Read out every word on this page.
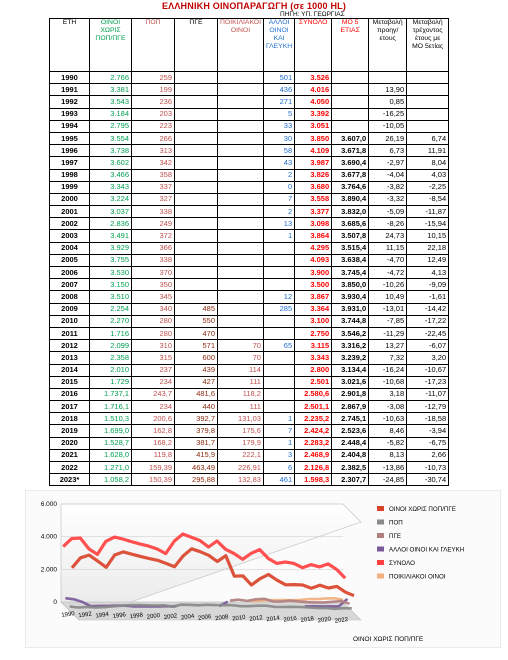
ΕΛΛΗΝΙΚΗ ΟΙΝΟΠΑΡΑΓΩΓΗ (σε 1000 HL)
ΠΗΓΗ: ΥΠ. ΓΕΩΡΓΙΑΣ
ΕΤΗ	ΟΙΝΟΙ ΧΩΡΙΣ ΠΟΠ/ΠΓΕ	ΠΟΠ	ΠΓΕ	ΠΟΙΚΙΛΙΑΚΟΙ ΟΙΝΟΙ	ΑΛΛΟΙ ΟΙΝΟΙ ΚΑΙ ΓΛΕΥΚΗ	ΣΥΝΟΛΟ	ΜΟ 5 ΕΤΙΑΣ	Μεταβολή προηγ/ετους	Μεταβολή τρέχοντος έτους με ΜΟ 5ετίας
1990	2.766	259			501	3.526			
1991	3.381	199			436	4.016		13,90	
1992	3.543	236			271	4.050		0,85	
1993	3.184	203			5	3.392		-16,25	
1994	2.795	223			33	3.051		-10,05	
1995	3.554	266			30	3.850	3.607,0	26,19	6,74
1996	3.738	313			58	4.109	3.671,8	6,73	11,91
1997	3.602	342			43	3.987	3.690,4	-2,97	8,04
1998	3.466	358			2	3.826	3.677,8	-4,04	4,03
1999	3.343	337			0	3.680	3.764,6	-3,82	-2,25
2000	3.224	327			7	3.558	3.890,4	-3,32	-8,54
2001	3.037	338			2	3.377	3.832,0	-5,09	-11,87
2002	2.836	249			13	3.098	3.685,6	-8,26	-15,94
2003	3.491	372			1	3.864	3.507,8	24,73	10,15
2004	3.929	366				4.295	3.515,4	11,15	22,18
2005	3.755	338				4.093	3.638,4	-4,70	12,49
2006	3.530	370				3.900	3.745,4	-4,72	4,13
2007	3.150	350				3.500	3.850,0	-10,26	-9,09
2008	3.510	345			12	3.867	3.930,4	10,49	-1,61
2009	2.254	340	485		285	3.364	3.931,0	-13,01	-14,42
2010	2.270	280	550			3.100	3.744,8	-7,85	-17,22
2011	1.716	280	470			2.750	3.546,2	-11,29	-22,45
2012	2.099	310	571	70	65	3.115	3.316,2	13,27	-6,07
2013	2.358	315	600	70		3.343	3.239,2	7,32	3,20
2014	2.010	237	439	114		2.800	3.134,4	-16,24	-10,67
2015	1.729	234	427	111		2.501	3.021,6	-10,68	-17,23
2016	1.737,1	243,7	481,6	118,2		2.580,6	2.901,8	3,18	-11,07
2017	1.716,1	234	440	111		2.501,1	2.867,9	-3,08	-12,79
2018	1.510,3	200,6	392,7	131,03	1	2.235,2	2.745,1	-10,63	-18,58
2019	1.699,0	162,8	379,8	175,6	7	2.424,2	2.523,6	8,46	-3,94
2020	1.528,7	168,2	381,7	179,9	1	2.283,2	2.448,4	-5,82	-6,75
2021	1.628,0	119,8	415,9	222,1	3	2.468,9	2.404,8	8,13	2,66
2022	1.271,0	159,39	463,49	226,91	6	2.126,8	2.382,5	-13,86	-10,73
2023*	1.058,2	150,39	295,88	132,83	461	1.598,3	2.307,7	-24,85	-30,74
0
2.000
4.000
6.000
1990 1992 1994 1996 1998 2000 2002 2004 2006 2008 2010 2012 2014 2016 2018 2020 2022
ΟΙΝΟΙ ΧΩΡΙΣ ΠΟΠ/ΠΓΕ
ΠΟΠ
ΠΓΕ
ΑΛΛΟΙ ΟΙΝΟΙ ΚΑΙ ΓΛΕΥΚΗ
ΣΥΝΟΛΟ
ΠΟΙΚΙΛΙΑΚΟΙ ΟΙΝΟΙ
ΟΙΝΟΙ ΧΩΡΙΣ ΠΟΠ/ΠΓΕ
